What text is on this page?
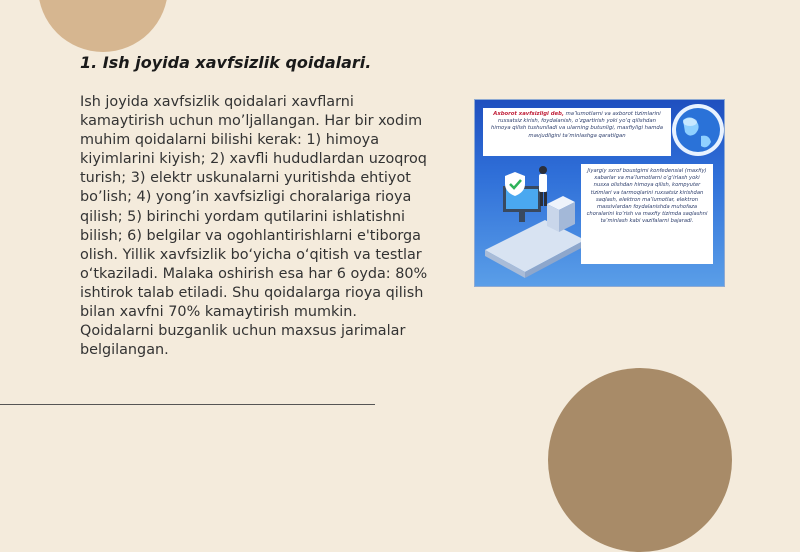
1. Ish joyida xavfsizlik qoidalari.

Ish joyida xavfsizlik qoidalari xavflarni kamaytirish uchun mo’ljallangan. Har bir xodim muhim qoidalarni bilishi kerak: 1) himoya kiyimlarini kiyish; 2) xavfli hududlardan uzoqroq turish; 3) elektr uskunalarni yuritishda ehtiyot bo’lish; 4) yong’in xavfsizligi choralariga rioya qilish; 5) birinchi yordam qutilarini ishlatishni bilish; 6) belgilar va ogohlantirishlarni e'tiborga olish. Yillik xavfsizlik bo‘yicha o‘qitish va testlar o‘tkaziladi. Malaka oshirish esa har 6 oyda: 80% ishtirok talab etiladi. Shu qoidalarga rioya qilish bilan xavfni 70% kamaytirish mumkin. Qoidalarni buzganlik uchun maxsus jarimalar belgilangan.

Axborot xavfsizligi deb, ma’lumotlarni va axborot tizimlarini ruxsatsiz kirish, foydalanish, o‘zgartirish yoki yo‘q qilishdan himoya qilish tushuniladi va ularning butunligi, maxfiyligi hamda mavjudligini ta’minlashga qaratilgan
Jiyargiy sxrof boustgimi konfedensial (maxfiy) xabarlar va ma’lumotlarni o‘g‘irlash yoki nusxa olishdan himoya qilish, kompyuter tizimlari va tarmoqlarini ruxsatsiz kirishdan saqlash, elektron ma’lumotlar, elektron massivlardan foydalanishda muhofaza choralarini ko‘rish va maxfiy tizimda saqlashni ta’minlash kabi vazifalarni bajaradi.
